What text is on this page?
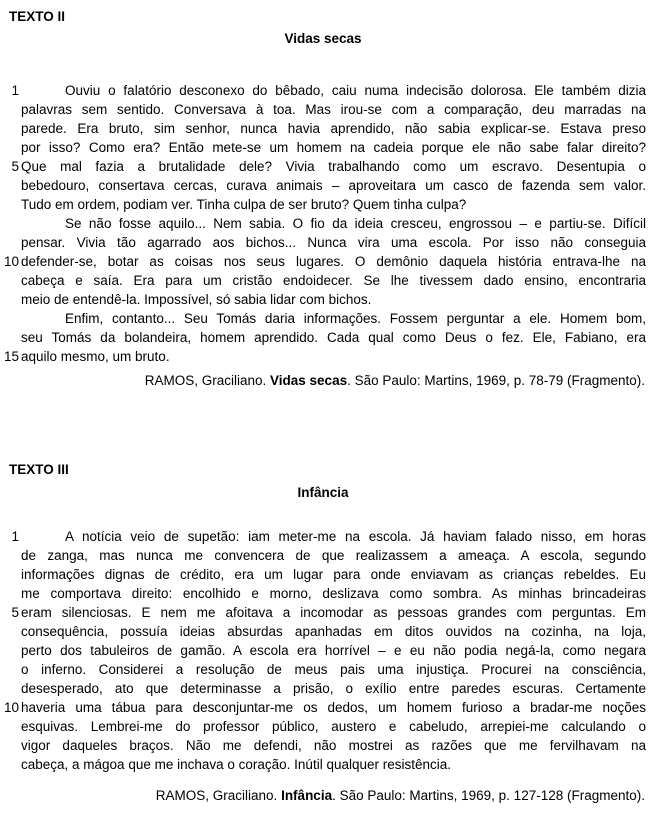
TEXTO II
Vidas secas
1	Ouviu o falatório desconexo do bêbado, caiu numa indecisão dolorosa. Ele também dizia
palavras sem sentido. Conversava à toa. Mas irou-se com a comparação, deu marradas na
parede. Era bruto, sim senhor, nunca havia aprendido, não sabia explicar-se. Estava preso
por isso? Como era? Então mete-se um homem na cadeia porque ele não sabe falar direito?
5 Que mal fazia a brutalidade dele? Vivia trabalhando como um escravo. Desentupia o
bebedouro, consertava cercas, curava animais – aproveitara um casco de fazenda sem valor.
Tudo em ordem, podiam ver. Tinha culpa de ser bruto? Quem tinha culpa?
Se não fosse aquilo... Nem sabia. O fio da ideia cresceu, engrossou – e partiu-se. Difícil
pensar. Vivia tão agarrado aos bichos... Nunca vira uma escola. Por isso não conseguia
10 defender-se, botar as coisas nos seus lugares. O demônio daquela história entrava-lhe na
cabeça e saía. Era para um cristão endoidecer. Se lhe tivessem dado ensino, encontraria
meio de entendê-la. Impossível, só sabia lidar com bichos.
Enfim, contanto... Seu Tomás daria informações. Fossem perguntar a ele. Homem bom,
seu Tomás da bolandeira, homem aprendido. Cada qual como Deus o fez. Ele, Fabiano, era
15 aquilo mesmo, um bruto.

RAMOS, Graciliano. Vidas secas. São Paulo: Martins, 1969, p. 78-79 (Fragmento).

TEXTO III
Infância
1	A notícia veio de supetão: iam meter-me na escola. Já haviam falado nisso, em horas
de zanga, mas nunca me convencera de que realizassem a ameaça. A escola, segundo
informações dignas de crédito, era um lugar para onde enviavam as crianças rebeldes. Eu
me comportava direito: encolhido e morno, deslizava como sombra. As minhas brincadeiras
5 eram silenciosas. E nem me afoitava a incomodar as pessoas grandes com perguntas. Em
consequência, possuía ideias absurdas apanhadas em ditos ouvidos na cozinha, na loja,
perto dos tabuleiros de gamão. A escola era horrível – e eu não podia negá-la, como negara
o inferno. Considerei a resolução de meus pais uma injustiça. Procurei na consciência,
desesperado, ato que determinasse a prisão, o exílio entre paredes escuras. Certamente
10 haveria uma tábua para desconjuntar-me os dedos, um homem furioso a bradar-me noções
esquivas. Lembrei-me do professor público, austero e cabeludo, arrepiei-me calculando o
vigor daqueles braços. Não me defendi, não mostrei as razões que me fervilhavam na
cabeça, a mágoa que me inchava o coração. Inútil qualquer resistência.

RAMOS, Graciliano. Infância. São Paulo: Martins, 1969, p. 127-128 (Fragmento).
